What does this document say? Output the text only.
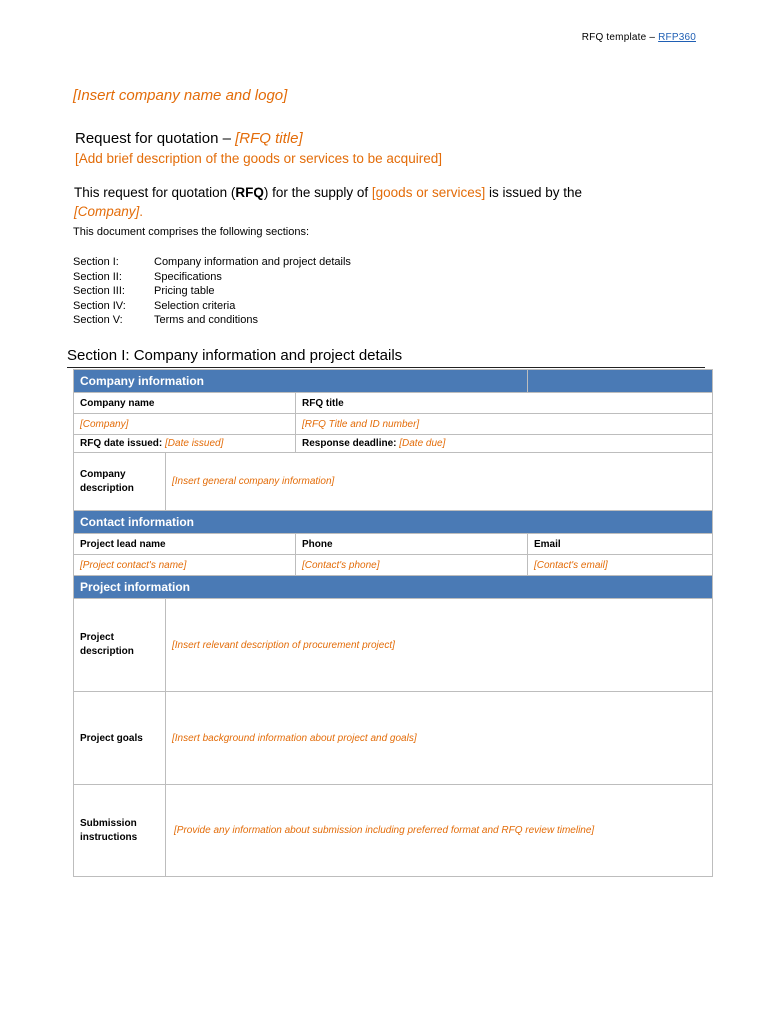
RFQ template – RFP360
[Insert company name and logo]
Request for quotation – [RFQ title]
[Add brief description of the goods or services to be acquired]
This request for quotation (RFQ) for the supply of [goods or services] is issued by the [Company].
This document comprises the following sections:
Section I:	Company information and project details
Section II:	Specifications
Section III:	Pricing table
Section IV:	Selection criteria
Section V:	Terms and conditions
Section I: Company information and project details
Company information			
Company name		RFQ title	
[Company]		[RFQ Title and ID number]	
RFQ date issued: [Date issued]		Response deadline: [Date due]	
Company description	[Insert general company information]		
Contact information			
Project lead name		Phone	Email
[Project contact's name]		[Contact's phone]	[Contact's email]
Project information			
Project description	[Insert relevant description of procurement project]		
Project goals	[Insert background information about project and goals]		
Submission instructions	[Provide any information about submission including preferred format and RFQ review timeline]		
